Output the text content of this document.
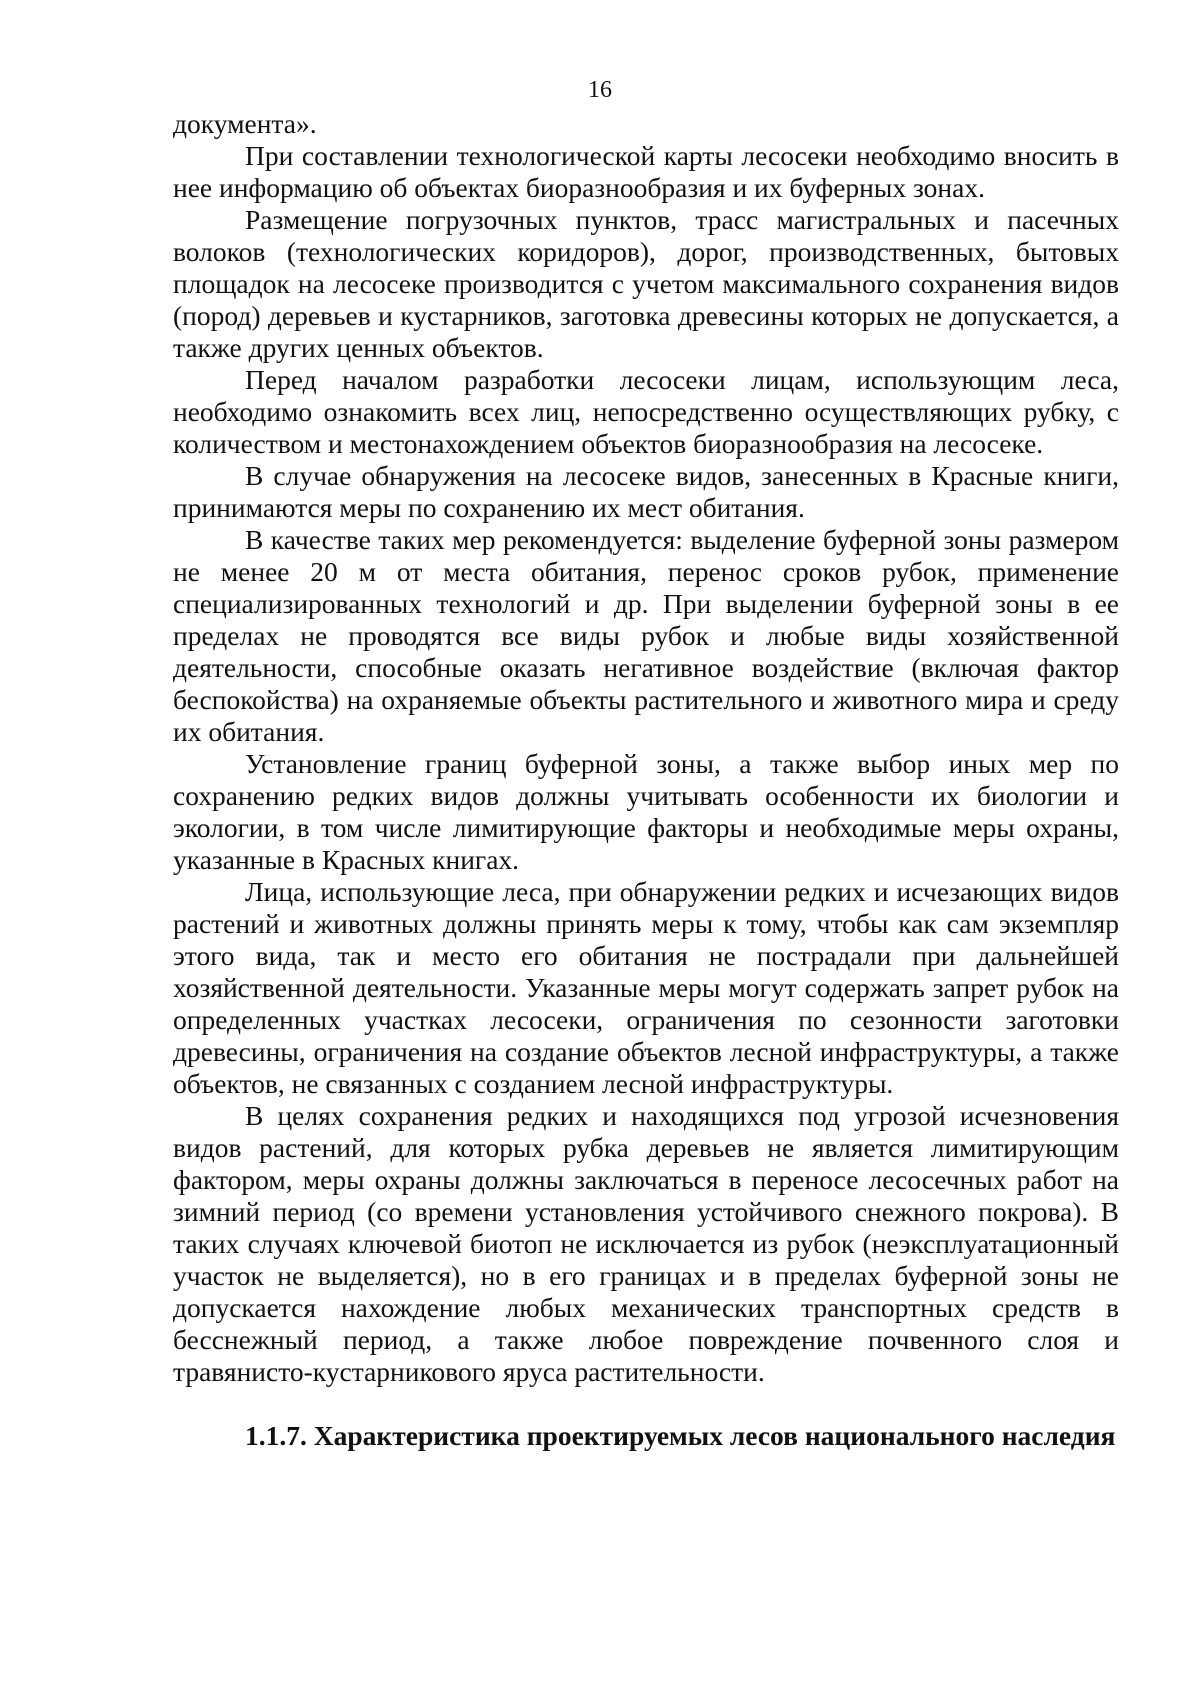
16

документа».

При составлении технологической карты лесосеки необходимо вносить в нее информацию об объектах биоразнообразия и их буферных зонах.

Размещение погрузочных пунктов, трасс магистральных и пасечных волоков (технологических коридоров), дорог, производственных, бытовых площадок на лесосеке производится с учетом максимального сохранения видов (пород) деревьев и кустарников, заготовка древесины которых не допускается, а также других ценных объектов.

Перед началом разработки лесосеки лицам, использующим леса, необходимо ознакомить всех лиц, непосредственно осуществляющих рубку, с количеством и местонахождением объектов биоразнообразия на лесосеке.

В случае обнаружения на лесосеке видов, занесенных в Красные книги, принимаются меры по сохранению их мест обитания.

В качестве таких мер рекомендуется: выделение буферной зоны размером не менее 20 м от места обитания, перенос сроков рубок, применение специализированных технологий и др. При выделении буферной зоны в ее пределах не проводятся все виды рубок и любые виды хозяйственной деятельности, способные оказать негативное воздействие (включая фактор беспокойства) на охраняемые объекты растительного и животного мира и среду их обитания.

Установление границ буферной зоны, а также выбор иных мер по сохранению редких видов должны учитывать особенности их биологии и экологии, в том числе лимитирующие факторы и необходимые меры охраны, указанные в Красных книгах.

Лица, использующие леса, при обнаружении редких и исчезающих видов растений и животных должны принять меры к тому, чтобы как сам экземпляр этого вида, так и место его обитания не пострадали при дальнейшей хозяйственной деятельности. Указанные меры могут содержать запрет рубок на определенных участках лесосеки, ограничения по сезонности заготовки древесины, ограничения на создание объектов лесной инфраструктуры, а также объектов, не связанных с созданием лесной инфраструктуры.

В целях сохранения редких и находящихся под угрозой исчезновения видов растений, для которых рубка деревьев не является лимитирующим фактором, меры охраны должны заключаться в переносе лесосечных работ на зимний период (со времени установления устойчивого снежного покрова). В таких случаях ключевой биотоп не исключается из рубок (неэксплуатационный участок не выделяется), но в его границах и в пределах буферной зоны не допускается нахождение любых механических транспортных средств в бесснежный период, а также любое повреждение почвенного слоя и травянисто-кустарникового яруса растительности.

1.1.7. Характеристика проектируемых лесов национального наследия
